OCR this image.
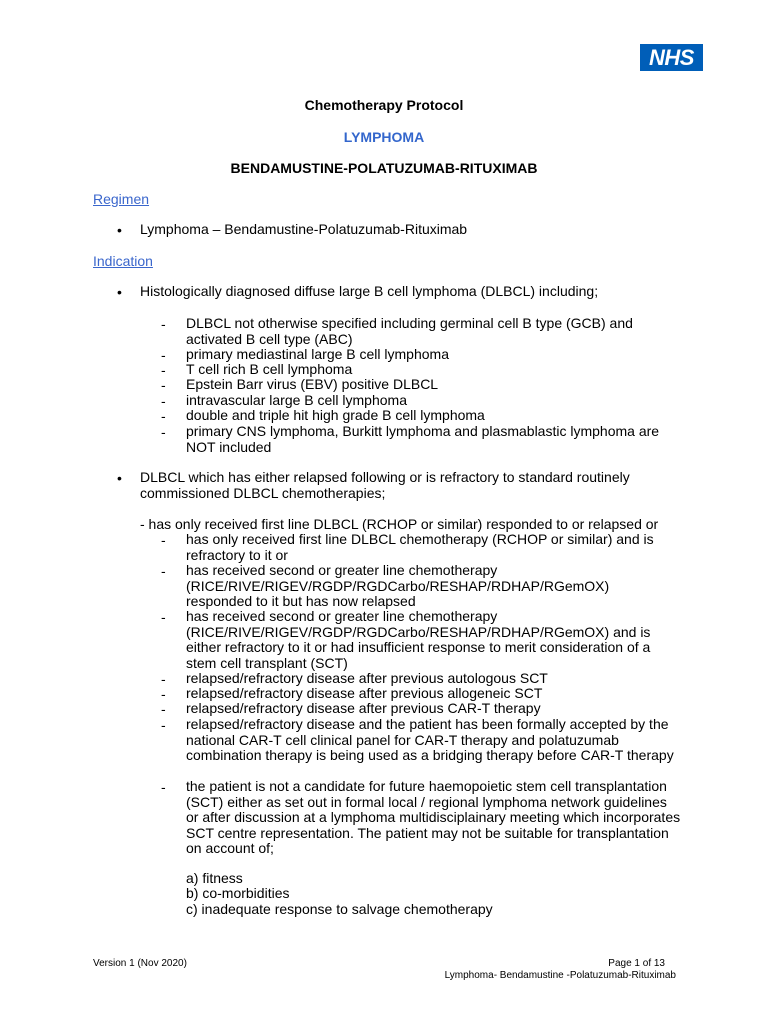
NHS
Chemotherapy Protocol
LYMPHOMA
BENDAMUSTINE-POLATUZUMAB-RITUXIMAB
Regimen
• Lymphoma – Bendamustine-Polatuzumab-Rituximab
Indication
• Histologically diagnosed diffuse large B cell lymphoma (DLBCL) including;
- DLBCL not otherwise specified including germinal cell B type (GCB) and activated B cell type (ABC)
- primary mediastinal large B cell lymphoma
- T cell rich B cell lymphoma
- Epstein Barr virus (EBV) positive DLBCL
- intravascular large B cell lymphoma
- double and triple hit high grade B cell lymphoma
- primary CNS lymphoma, Burkitt lymphoma and plasmablastic lymphoma are NOT included
• DLBCL which has either relapsed following or is refractory to standard routinely commissioned DLBCL chemotherapies;
- has only received first line DLBCL (RCHOP or similar) responded to or relapsed or
- has only received first line DLBCL chemotherapy (RCHOP or similar) and is refractory to it or
- has received second or greater line chemotherapy (RICE/RIVE/RIGEV/RGDP/RGDCarbo/RESHAP/RDHAP/RGemOX) responded to it but has now relapsed
- has received second or greater line chemotherapy (RICE/RIVE/RIGEV/RGDP/RGDCarbo/RESHAP/RDHAP/RGemOX) and is either refractory to it or had insufficient response to merit consideration of a stem cell transplant (SCT)
- relapsed/refractory disease after previous autologous SCT
- relapsed/refractory disease after previous allogeneic SCT
- relapsed/refractory disease after previous CAR-T therapy
- relapsed/refractory disease and the patient has been formally accepted by the national CAR-T cell clinical panel for CAR-T therapy and polatuzumab combination therapy is being used as a bridging therapy before CAR-T therapy
- the patient is not a candidate for future haemopoietic stem cell transplantation (SCT) either as set out in formal local / regional lymphoma network guidelines or after discussion at a lymphoma multidisciplainary meeting which incorporates SCT centre representation. The patient may not be suitable for transplantation on account of;
a) fitness
b) co-morbidities
c) inadequate response to salvage chemotherapy
Version 1 (Nov 2020)	Page 1 of 13
Lymphoma- Bendamustine -Polatuzumab-Rituximab
